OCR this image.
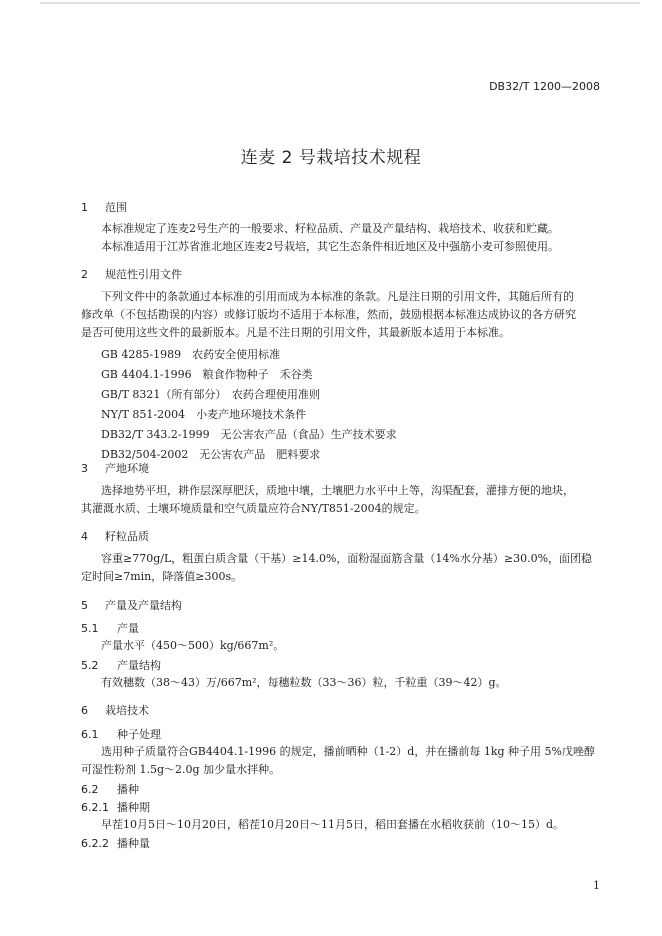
DB32/T 1200—2008
连麦 2 号栽培技术规程
1 范围
本标准规定了连麦2号生产的一般要求、籽粒品质、产量及产量结构、栽培技术、收获和贮藏。
本标准适用于江苏省淮北地区连麦2号栽培，其它生态条件相近地区及中强筋小麦可参照使用。
2 规范性引用文件
下列文件中的条款通过本标准的引用而成为本标准的条款。凡是注日期的引用文件，其随后所有的
修改单（不包括勘误的内容）或修订版均不适用于本标准，然而，鼓励根据本标准达成协议的各方研究
是否可使用这些文件的最新版本。凡是不注日期的引用文件，其最新版本适用于本标准。
GB 4285-1989　农药安全使用标准
GB 4404.1-1996　粮食作物种子　禾谷类
GB/T 8321（所有部分）　农药合理使用准则
NY/T 851-2004　小麦产地环境技术条件
DB32/T 343.2-1999　无公害农产品（食品）生产技术要求
DB32/504-2002　无公害农产品　肥料要求
3 产地环境
选择地势平坦，耕作层深厚肥沃，质地中壤，土壤肥力水平中上等，沟渠配套，灌排方便的地块，
其灌溉水质、土壤环境质量和空气质量应符合NY/T851-2004的规定。
4 籽粒品质
容重≥770g/L，粗蛋白质含量（干基）≥14.0%，面粉湿面筋含量（14%水分基）≥30.0%，面团稳
定时间≥7min，降落值≥300s。
5 产量及产量结构
5.1 产量
产量水平（450～500）kg/667m²。
5.2 产量结构
有效穗数（38～43）万/667m²，每穗粒数（33～36）粒，千粒重（39～42）g。
6 栽培技术
6.1 种子处理
选用种子质量符合GB4404.1-1996 的规定，播前晒种（1-2）d，并在播前每 1kg 种子用 5%戊唑醇
可湿性粉剂 1.5g～2.0g 加少量水拌种。
6.2 播种
6.2.1 播种期
早茬10月5日～10月20日，稻茬10月20日～11月5日，稻田套播在水稻收获前（10～15）d。
6.2.2 播种量
1
